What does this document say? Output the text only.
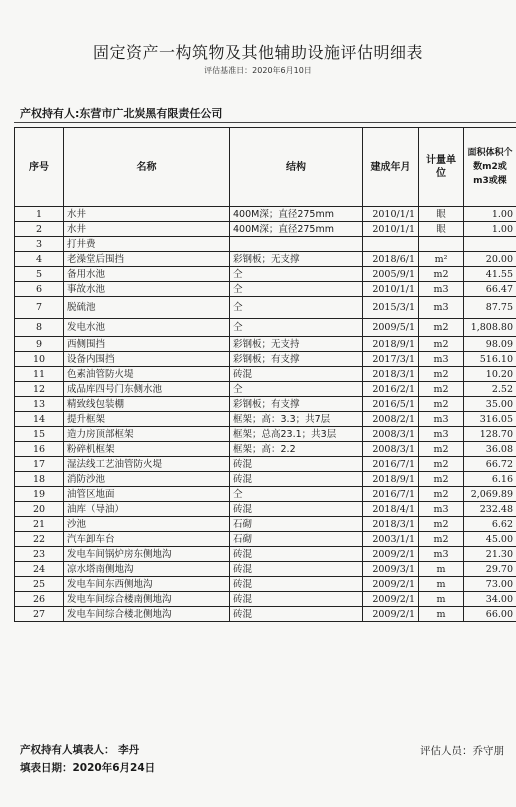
固定资产一构筑物及其他辅助设施评估明细表
评估基准日：2020年6月10日
产权持有人:东营市广北炭黑有限责任公司
序号	名称	结构	建成年月	计量单位	面积体积个数m2或m3或棵
1	水井	400M深；直径275mm	2010/1/1	眼	1.00
2	水井	400M深；直径275mm	2010/1/1	眼	1.00
3	打井费				
4	老澡堂后围挡	彩钢板；无支撑	2018/6/1	m²	20.00
5	备用水池	仝	2005/9/1	m2	41.55
6	事故水池	仝	2010/1/1	m3	66.47
7	脱硫池	仝	2015/3/1	m3	87.75
8	发电水池	仝	2009/5/1	m2	1,808.80
9	西侧围挡	彩钢板；无支持	2018/9/1	m2	98.09
10	设备内围挡	彩钢板；有支撑	2017/3/1	m3	516.10
11	色素油管防火堤	砖混	2018/3/1	m2	10.20
12	成品库四号门东侧水池	仝	2016/2/1	m2	2.52
13	精致线包装棚	彩钢板；有支撑	2016/5/1	m2	35.00
14	提升框架	框架；高：3.3；共7层	2008/2/1	m3	316.05
15	造力房顶部框架	框架；总高23.1；共3层	2008/3/1	m3	128.70
16	粉碎机框架	框架；高：2.2	2008/3/1	m2	36.08
17	湿法线工艺油管防火堤	砖混	2016/7/1	m2	66.72
18	消防沙池	砖混	2018/9/1	m2	6.16
19	油管区地面	仝	2016/7/1	m2	2,069.89
20	油库（导油）	砖混	2018/4/1	m3	232.48
21	沙池	石砌	2018/3/1	m2	6.62
22	汽车卸车台	石砌	2003/1/1	m2	45.00
23	发电车间锅炉房东侧地沟	砖混	2009/2/1	m3	21.30
24	凉水塔南侧地沟	砖混	2009/3/1	m	29.70
25	发电车间东西侧地沟	砖混	2009/2/1	m	73.00
26	发电车间综合楼南侧地沟	砖混	2009/2/1	m	34.00
27	发电车间综合楼北侧地沟	砖混	2009/2/1	m	66.00
产权持有人填表人： 李丹
填表日期：2020年6月24日
评估人员：乔守朋
